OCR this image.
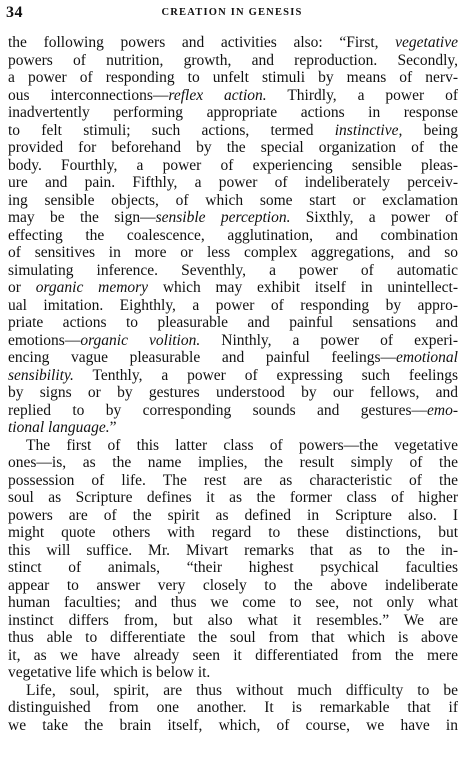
34	CREATION IN GENESIS
the following powers and activities also: “First, vegetative
powers of nutrition, growth, and reproduction. Secondly,
a power of responding to unfelt stimuli by means of nerv-
ous interconnections—reflex action. Thirdly, a power of
inadvertently performing appropriate actions in response
to felt stimuli; such actions, termed instinctive, being
provided for beforehand by the special organization of the
body. Fourthly, a power of experiencing sensible pleas-
ure and pain. Fifthly, a power of indeliberately perceiv-
ing sensible objects, of which some start or exclamation
may be the sign—sensible perception. Sixthly, a power of
effecting the coalescence, agglutination, and combination
of sensitives in more or less complex aggregations, and so
simulating inference. Seventhly, a power of automatic
or organic memory which may exhibit itself in unintellect-
ual imitation. Eighthly, a power of responding by appro-
priate actions to pleasurable and painful sensations and
emotions—organic volition. Ninthly, a power of experi-
encing vague pleasurable and painful feelings—emotional
sensibility. Tenthly, a power of expressing such feelings
by signs or by gestures understood by our fellows, and
replied to by corresponding sounds and gestures—emo-
tional language.”
The first of this latter class of powers—the vegetative
ones—is, as the name implies, the result simply of the
possession of life. The rest are as characteristic of the
soul as Scripture defines it as the former class of higher
powers are of the spirit as defined in Scripture also. I
might quote others with regard to these distinctions, but
this will suffice. Mr. Mivart remarks that as to the in-
stinct of animals, “their highest psychical faculties
appear to answer very closely to the above indeliberate
human faculties; and thus we come to see, not only what
instinct differs from, but also what it resembles.” We are
thus able to differentiate the soul from that which is above
it, as we have already seen it differentiated from the mere
vegetative life which is below it.
Life, soul, spirit, are thus without much difficulty to be
distinguished from one another. It is remarkable that if
we take the brain itself, which, of course, we have in
